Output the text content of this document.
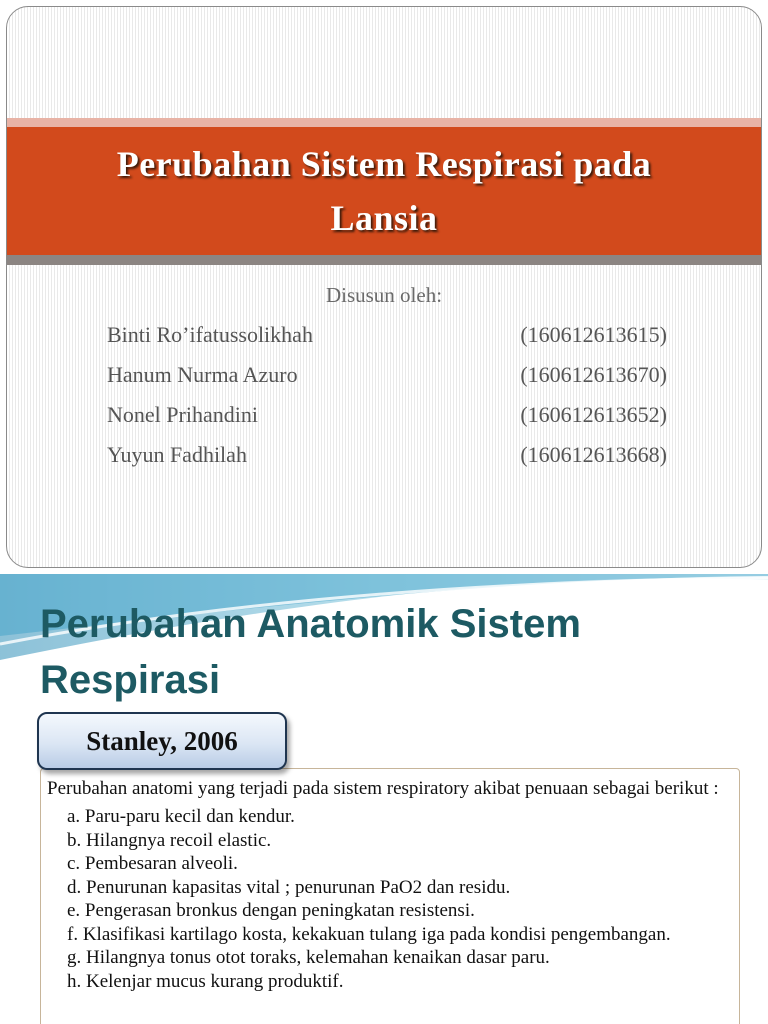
Perubahan Sistem Respirasi pada Lansia
Disusun oleh:
Binti Ro’ifatussolikhah	(160612613615)
Hanum Nurma Azuro	(160612613670)
Nonel Prihandini	(160612613652)
Yuyun Fadhilah	(160612613668)
Perubahan Anatomik Sistem Respirasi

Perubahan anatomi yang terjadi pada sistem respiratory akibat penuaan sebagai berikut :

a. Paru-paru kecil dan kendur.
b. Hilangnya recoil elastic.
c. Pembesaran alveoli.
d. Penurunan kapasitas vital ; penurunan PaO2 dan residu.
e. Pengerasan bronkus dengan peningkatan resistensi.
f. Klasifikasi kartilago kosta, kekakuan tulang iga pada kondisi pengembangan.
g. Hilangnya tonus otot toraks, kelemahan kenaikan dasar paru.
h. Kelenjar mucus kurang produktif.
Stanley, 2006
